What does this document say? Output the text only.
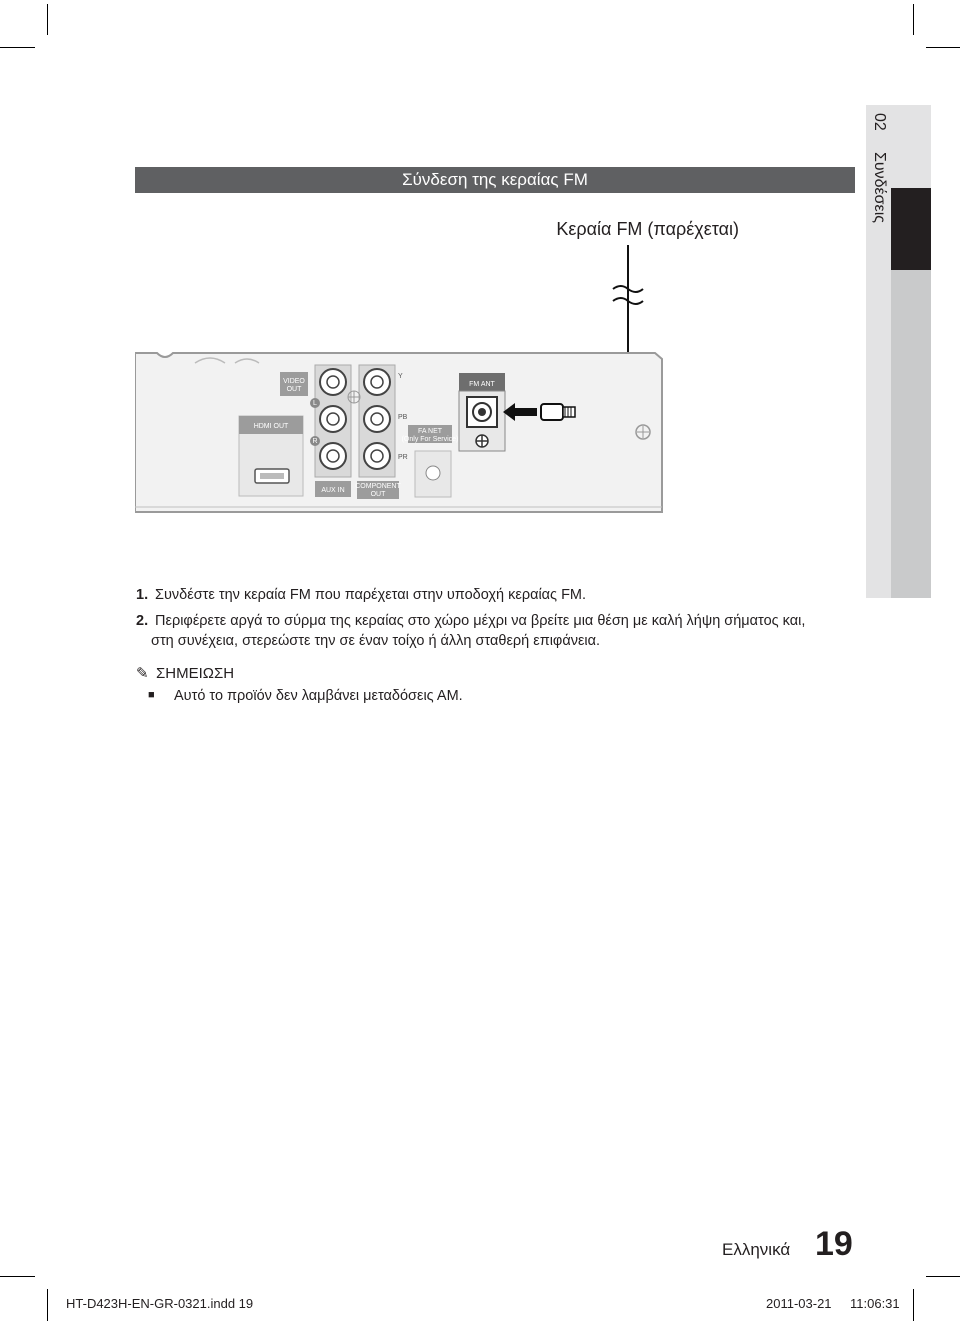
02
Συνδέσεις
Σύνδεση της κεραίας FM
Κεραία FM (παρέχεται)
HDMI OUT
VIDEO
OUT
L
R
AUX IN
Y
PB
PR
COMPONENT
OUT
FA NET
(Only For Service)
FM ANT
1. Συνδέστε την κεραία FM που παρέχεται στην υποδοχή κεραίας FM.
2. Περιφέρετε αργά το σύρμα της κεραίας στο χώρο μέχρι να βρείτε μια θέση με καλή λήψη σήματος και,
στη συνέχεια, στερεώστε την σε έναν τοίχο ή άλλη σταθερή επιφάνεια.
✎ ΣΗΜΕΙΩΣΗ
■ Αυτό το προϊόν δεν λαμβάνει μεταδόσεις ΑΜ.
Ελληνικά 19
HT-D423H-EN-GR-0321.indd 19	2011-03-21 11:06:31
